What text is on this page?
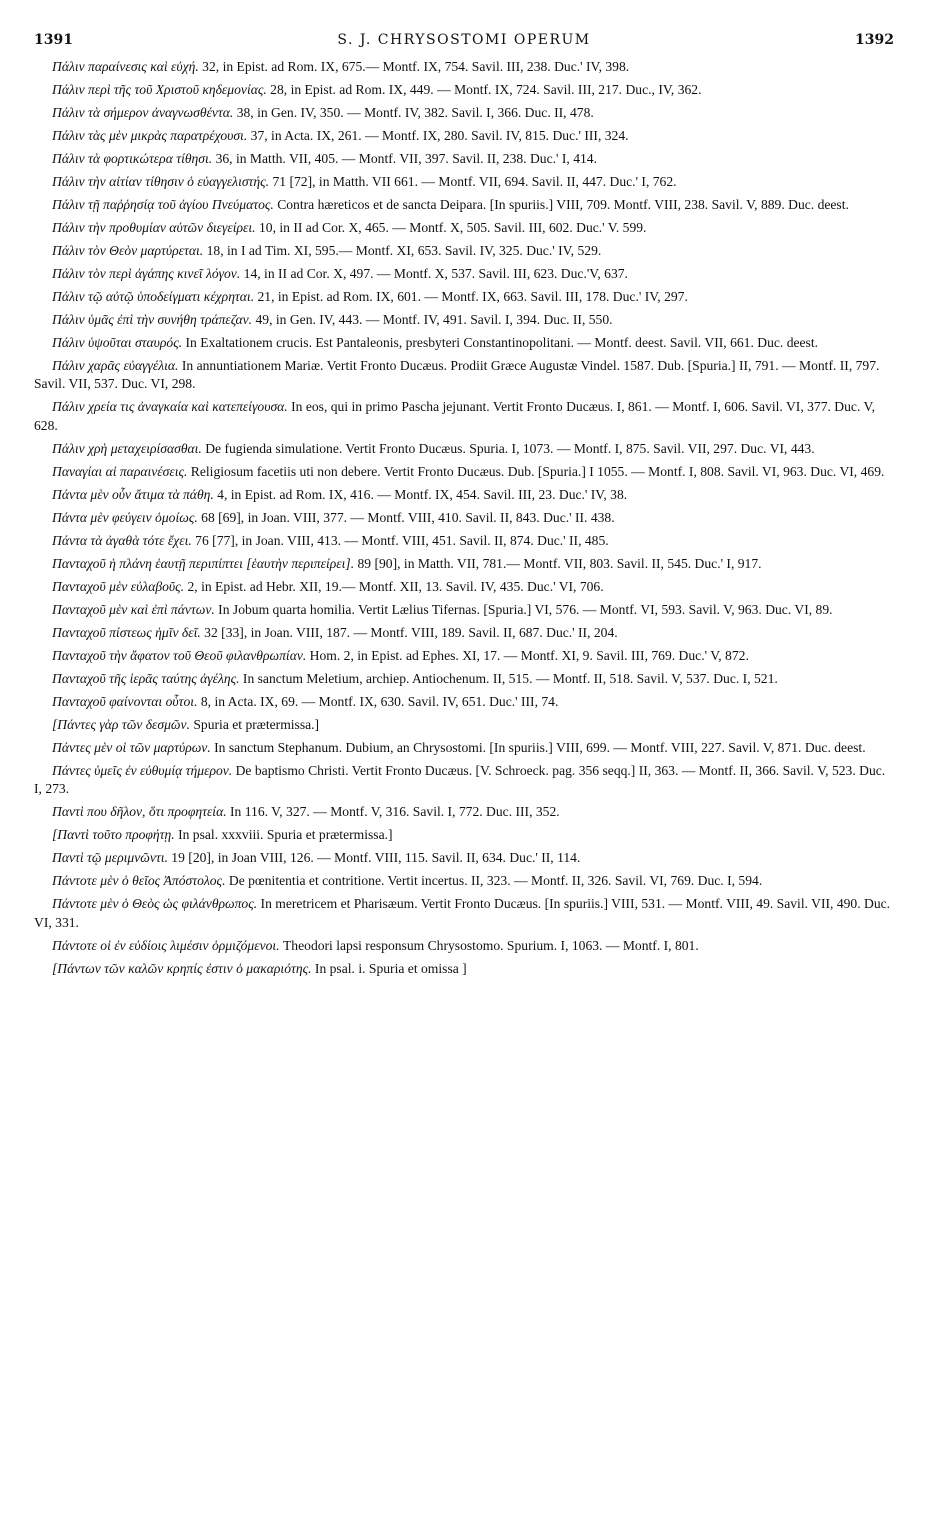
1391	S. J. CHRYSOSTOMI OPERUM	1392

Πάλιν παραίνεσις καὶ εὐχή. 32, in Epist. ad Rom. IX, 675.— Montf. IX, 754. Savil. III, 238. Duc.' IV, 398.

Πάλιν περὶ τῆς τοῦ Χριστοῦ κηδεμονίας. 28, in Epist. ad Rom. IX, 449. — Montf. IX, 724. Savil. III, 217. Duc., IV, 362.

Πάλιν τὰ σήμερον ἀναγνωσθέντα. 38, in Gen. IV, 350. — Montf. IV, 382. Savil. I, 366. Duc. II, 478.

Πάλιν τὰς μὲν μικρὰς παρατρέχουσι. 37, in Acta. IX, 261. — Montf. IX, 280. Savil. IV, 815. Duc.' III, 324.

Πάλιν τὰ φορτικώτερα τίθησι. 36, in Matth. VII, 405. — Montf. VII, 397. Savil. II, 238. Duc.' I, 414.

Πάλιν τὴν αἰτίαν τίθησιν ὁ εὐαγγελιστής. 71 [72], in Matth. VII 661. — Montf. VII, 694. Savil. II, 447. Duc.' I, 762.

Πάλιν τῇ παῤῥησίᾳ τοῦ ἁγίου Πνεύματος. Contra hæreticos et de sancta Deipara. [In spuriis.] VIII, 709. Montf. VIII, 238. Savil. V, 889. Duc. deest.

Πάλιν τὴν προθυμίαν αὐτῶν διεγείρει. 10, in II ad Cor. X, 465. — Montf. X, 505. Savil. III, 602. Duc.' V. 599.

Πάλιν τὸν Θεὸν μαρτύρεται. 18, in I ad Tim. XI, 595.— Montf. XI, 653. Savil. IV, 325. Duc.' IV, 529.

Πάλιν τὸν περὶ ἀγάπης κινεῖ λόγον. 14, in II ad Cor. X, 497. — Montf. X, 537. Savil. III, 623. Duc.'V, 637.

Πάλιν τῷ αὐτῷ ὑποδείγματι κέχρηται. 21, in Epist. ad Rom. IX, 601. — Montf. IX, 663. Savil. III, 178. Duc.' IV, 297.

Πάλιν ὑμᾶς ἐπὶ τὴν συνήθη τράπεζαν. 49, in Gen. IV, 443. — Montf. IV, 491. Savil. I, 394. Duc. II, 550.

Πάλιν ὑψοῦται σταυρός. In Exaltationem crucis. Est Pantaleonis, presbyteri Constantinopolitani. — Montf. deest. Savil. VII, 661. Duc. deest.

Πάλιν χαρᾶς εὐαγγέλια. In annuntiationem Mariæ. Vertit Fronto Ducæus. Prodiit Græce Augustæ Vindel. 1587. Dub. [Spuria.] II, 791. — Montf. II, 797. Savil. VII, 537. Duc. VI, 298.

Πάλιν χρεία τις ἀναγκαία καὶ κατεπείγουσα. In eos, qui in primo Pascha jejunant. Vertit Fronto Ducæus. I, 861. — Montf. I, 606. Savil. VI, 377. Duc. V, 628.

Πάλιν χρὴ μεταχειρίσασθαι. De fugienda simulatione. Vertit Fronto Ducæus. Spuria. I, 1073. — Montf. I, 875. Savil. VII, 297. Duc. VI, 443.

Παναγίαι αἱ παραινέσεις. Religiosum facetiis uti non debere. Vertit Fronto Ducæus. Dub. [Spuria.] I 1055. — Montf. I, 808. Savil. VI, 963. Duc. VI, 469.

Πάντα μὲν οὖν ἄτιμα τὰ πάθη. 4, in Epist. ad Rom. IX, 416. — Montf. IX, 454. Savil. III, 23. Duc.' IV, 38.

Πάντα μὲν φεύγειν ὁμοίως. 68 [69], in Joan. VIII, 377. — Montf. VIII, 410. Savil. II, 843. Duc.' II. 438.

Πάντα τὰ ἀγαθὰ τότε ἔχει. 76 [77], in Joan. VIII, 413. — Montf. VIII, 451. Savil. II, 874. Duc.' II, 485.

Πανταχοῦ ἡ πλάνη ἑαυτῇ περιπίπτει [ἑαυτὴν περιπείρει]. 89 [90], in Matth. VII, 781.— Montf. VII, 803. Savil. II, 545. Duc.' I, 917.

Πανταχοῦ μὲν εὐλαβοῦς. 2, in Epist. ad Hebr. XII, 19.— Montf. XII, 13. Savil. IV, 435. Duc.' VI, 706.

Πανταχοῦ μὲν καὶ ἐπὶ πάντων. In Jobum quarta homilia. Vertit Lælius Tifernas. [Spuria.] VI, 576. — Montf. VI, 593. Savil. V, 963. Duc. VI, 89.

Πανταχοῦ πίστεως ἡμῖν δεῖ. 32 [33], in Joan. VIII, 187. — Montf. VIII, 189. Savil. II, 687. Duc.' II, 204.

Πανταχοῦ τὴν ἄφατον τοῦ Θεοῦ φιλανθρωπίαν. Hom. 2, in Epist. ad Ephes. XI, 17. — Montf. XI, 9. Savil. III, 769. Duc.' V, 872.

Πανταχοῦ τῆς ἱερᾶς ταύτης ἀγέλης. In sanctum Meletium, archiep. Antiochenum. II, 515. — Montf. II, 518. Savil. V, 537. Duc. I, 521.

Πανταχοῦ φαίνονται οὗτοι. 8, in Acta. IX, 69. — Montf. IX, 630. Savil. IV, 651. Duc.' III, 74.

[Πάντες γὰρ τῶν δεσμῶν. Spuria et prætermissa.]

Πάντες μὲν οἱ τῶν μαρτύρων. In sanctum Stephanum. Dubium, an Chrysostomi. [In spuriis.] VIII, 699. — Montf. VIII, 227. Savil. V, 871. Duc. deest.

Πάντες ὑμεῖς ἐν εὐθυμίᾳ τήμερον. De baptismo Christi. Vertit Fronto Ducæus. [V. Schroeck. pag. 356 seqq.] II, 363. — Montf. II, 366. Savil. V, 523. Duc. I, 273.

Παντὶ που δῆλον, ὅτι προφητεία. In 116. V, 327. — Montf. V, 316. Savil. I, 772. Duc. III, 352.

[Παντὶ τοῦτο προφήτῃ. In psal. xxxviii. Spuria et prætermissa.]

Παντὶ τῷ μεριμνῶντι. 19 [20], in Joan VIII, 126. — Montf. VIII, 115. Savil. II, 634. Duc.' II, 114.

Πάντοτε μὲν ὁ θεῖος Ἀπόστολος. De pœnitentia et contritione. Vertit incertus. II, 323. — Montf. II, 326. Savil. VI, 769. Duc. I, 594.

Πάντοτε μὲν ὁ Θεὸς ὡς φιλάνθρωπος. In meretricem et Pharisæum. Vertit Fronto Ducæus. [In spuriis.] VIII, 531. — Montf. VIII, 49. Savil. VII, 490. Duc. VI, 331.

Πάντοτε οἱ ἐν εὐδίοις λιμέσιν ὁρμιζόμενοι. Theodori lapsi responsum Chrysostomo. Spurium. I, 1063. — Montf. I, 801.

[Πάντων τῶν καλῶν κρηπίς ἐστιν ὁ μακαριότης. In psal. i. Spuria et omissa ]
